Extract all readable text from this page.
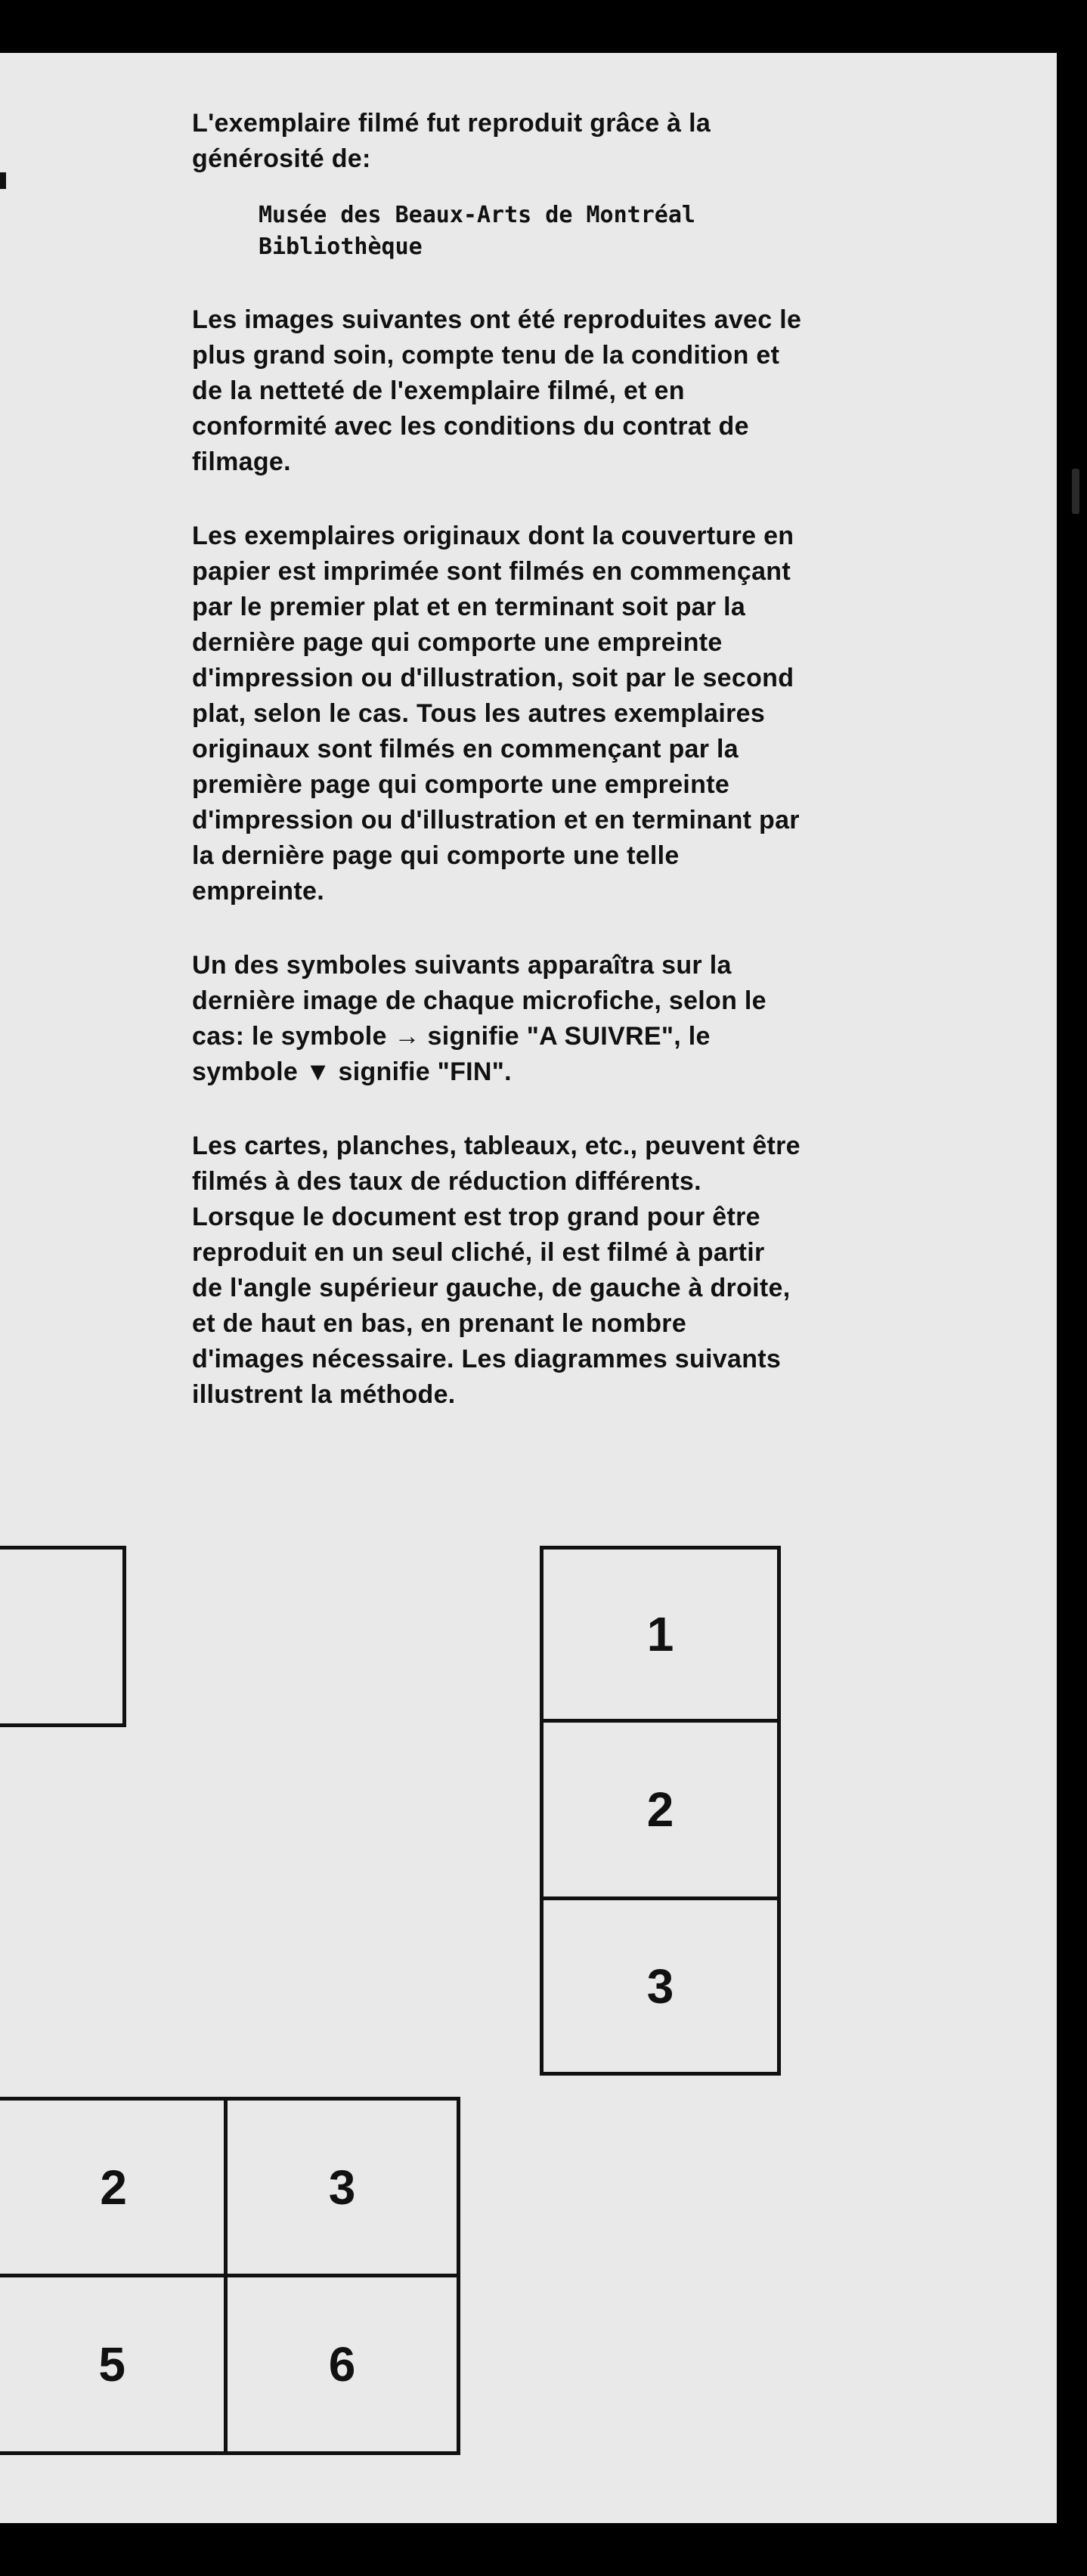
L'exemplaire filmé fut reproduit grâce à la
générosité de:

Musée des Beaux-Arts de Montréal
Bibliothèque

Les images suivantes ont été reproduites avec le
plus grand soin, compte tenu de la condition et
de la netteté de l'exemplaire filmé, et en
conformité avec les conditions du contrat de
filmage.

Les exemplaires originaux dont la couverture en
papier est imprimée sont filmés en commençant
par le premier plat et en terminant soit par la
dernière page qui comporte une empreinte
d'impression ou d'illustration, soit par le second
plat, selon le cas. Tous les autres exemplaires
originaux sont filmés en commençant par la
première page qui comporte une empreinte
d'impression ou d'illustration et en terminant par
la dernière page qui comporte une telle
empreinte.

Un des symboles suivants apparaîtra sur la
dernière image de chaque microfiche, selon le
cas: le symbole → signifie "A SUIVRE", le
symbole ▼ signifie "FIN".

Les cartes, planches, tableaux, etc., peuvent être
filmés à des taux de réduction différents.
Lorsque le document est trop grand pour être
reproduit en un seul cliché, il est filmé à partir
de l'angle supérieur gauche, de gauche à droite,
et de haut en bas, en prenant le nombre
d'images nécessaire. Les diagrammes suivants
illustrent la méthode.

1
2
3
2	3
5	6
